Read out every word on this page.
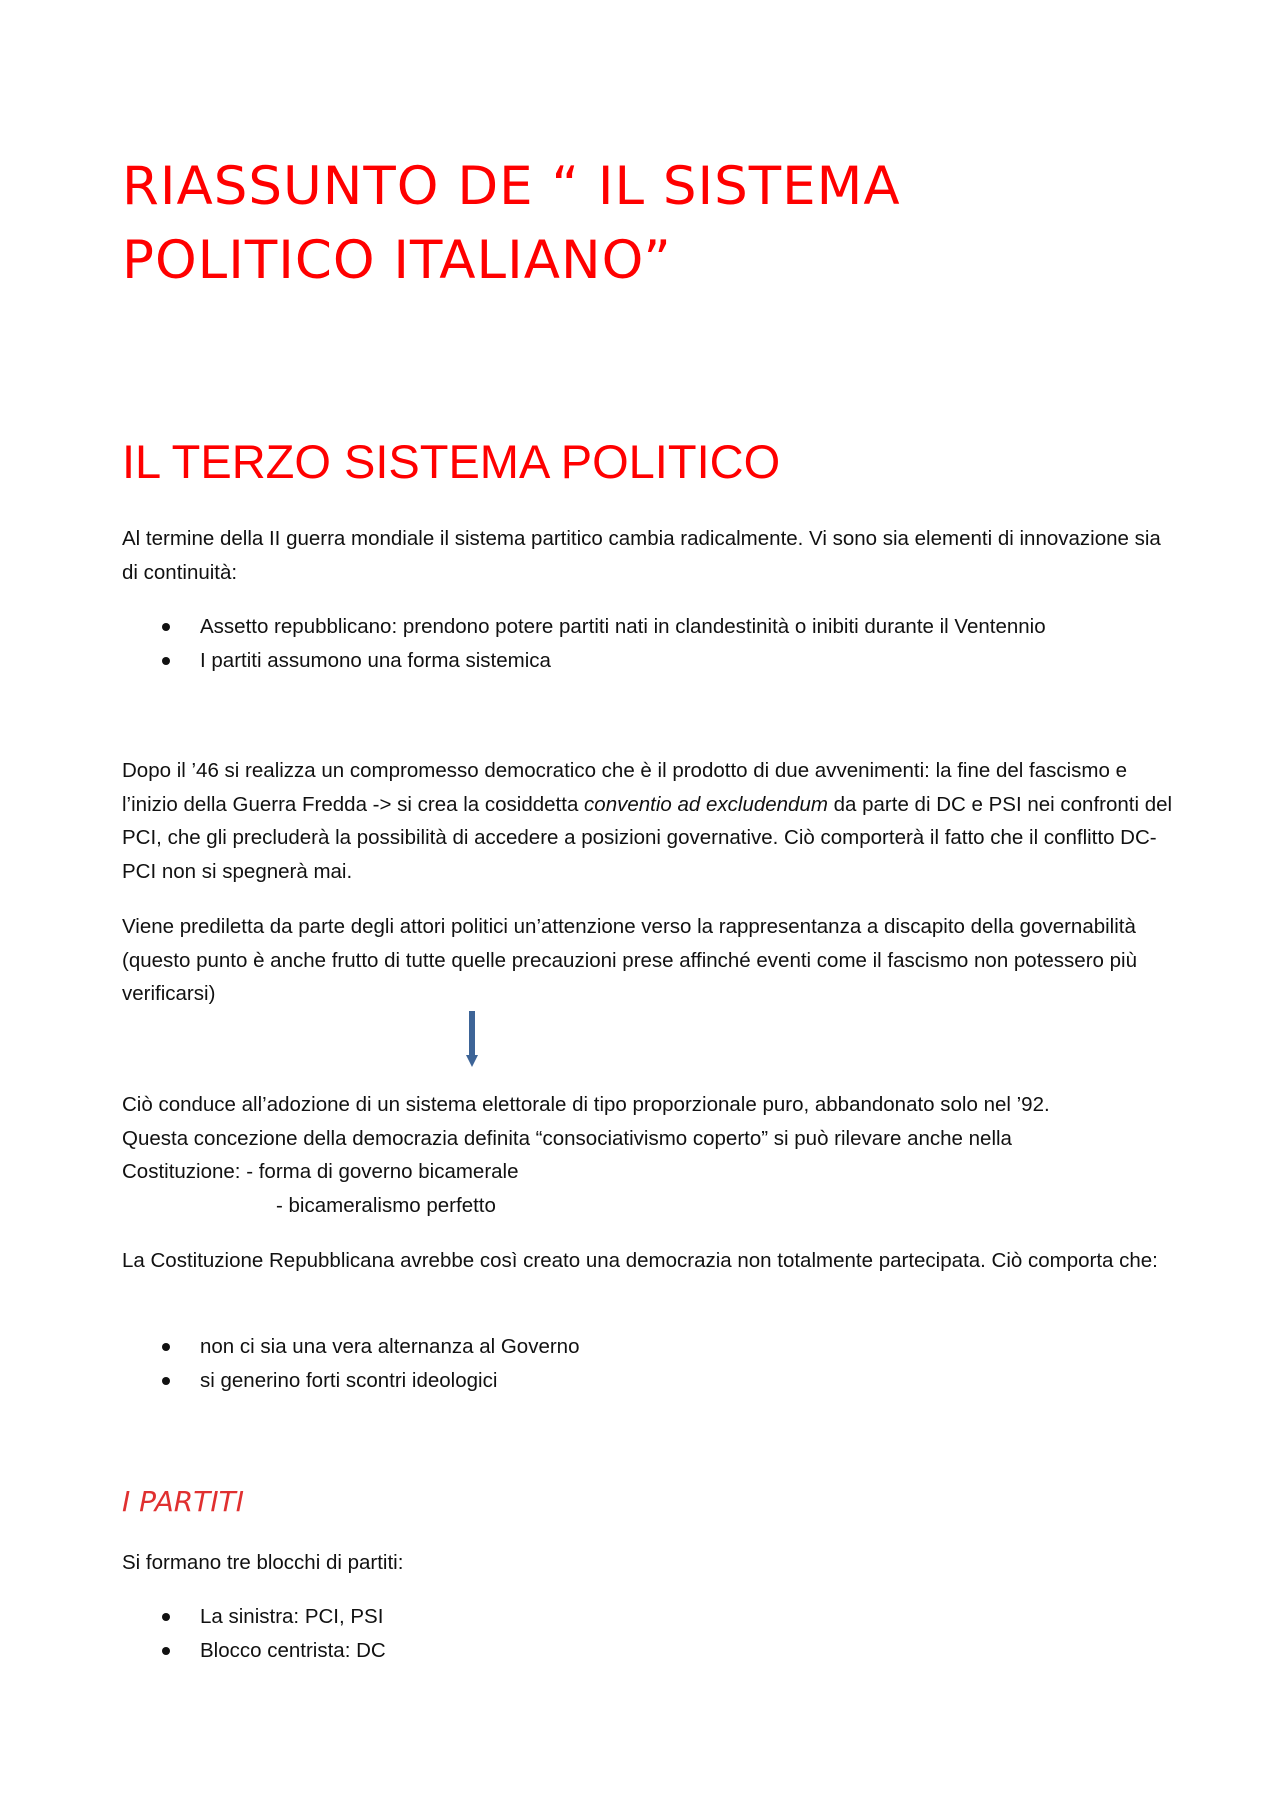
RIASSUNTO DE “ IL SISTEMA
POLITICO ITALIANO”
IL TERZO SISTEMA POLITICO

Al termine della II guerra mondiale il sistema partitico cambia radicalmente. Vi sono sia elementi di innovazione sia di continuità:

Assetto repubblicano: prendono potere partiti nati in clandestinità o inibiti durante il Ventennio
I partiti assumono una forma sistemica

Dopo il ’46 si realizza un compromesso democratico che è il prodotto di due avvenimenti: la fine del fascismo e l’inizio della Guerra Fredda -> si crea la cosiddetta conventio ad excludendum da parte di DC e PSI nei confronti del PCI, che gli precluderà la possibilità di accedere a posizioni governative. Ciò comporterà il fatto che il conflitto DC-PCI non si spegnerà mai.

Viene prediletta da parte degli attori politici un’attenzione verso la rappresentanza a discapito della governabilità (questo punto è anche frutto di tutte quelle precauzioni prese affinché eventi come il fascismo non potessero più verificarsi)

Ciò conduce all’adozione di un sistema elettorale di tipo proporzionale puro, abbandonato solo nel ’92.
Questa concezione della democrazia definita “consociativismo coperto” si può rilevare anche nella
Costituzione: - forma di governo bicamerale
- bicameralismo perfetto

La Costituzione Repubblicana avrebbe così creato una democrazia non totalmente partecipata. Ciò comporta che:

non ci sia una vera alternanza al Governo
si generino forti scontri ideologici
I PARTITI

Si formano tre blocchi di partiti:

La sinistra: PCI, PSI
Blocco centrista: DC
